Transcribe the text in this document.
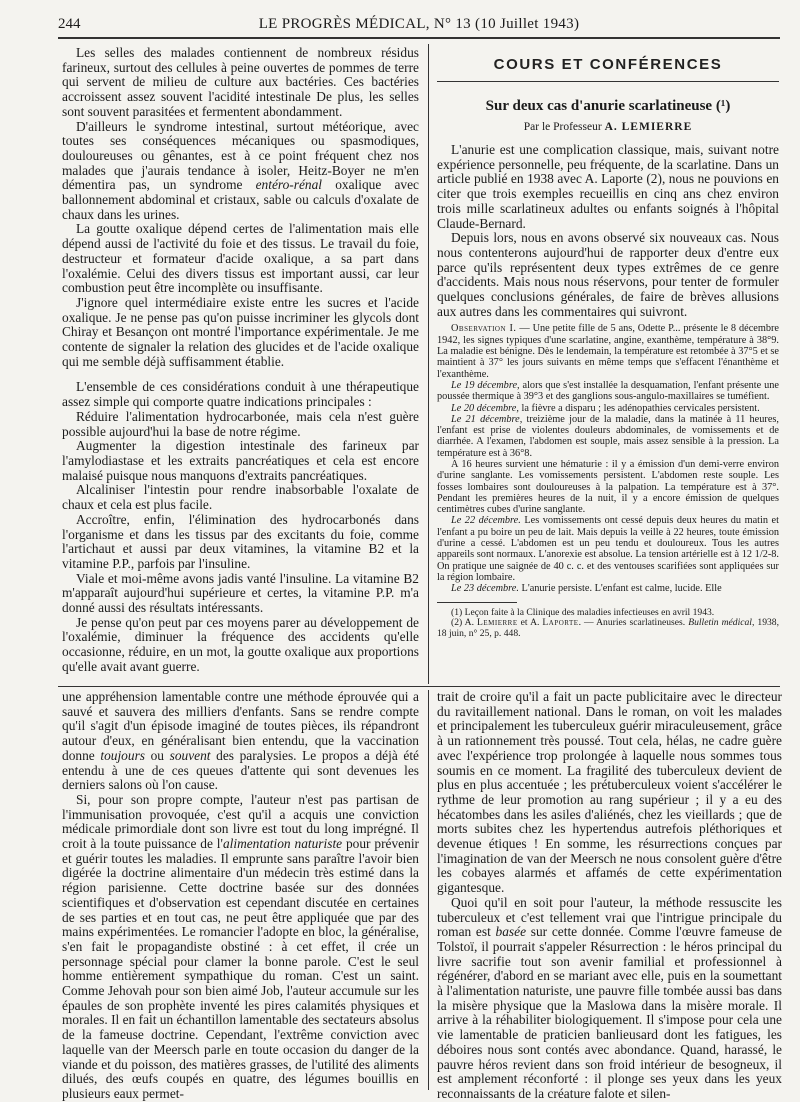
244	LE PROGRÈS MÉDICAL, N° 13 (10 Juillet 1943)

Les selles des malades contiennent de nombreux résidus farineux, surtout des cellules à peine ouvertes de pommes de terre qui servent de milieu de culture aux bactéries. Ces bactéries accroissent assez souvent l'acidité intestinale De plus, les selles sont souvent parasitées et fermentent abondamment.

D'ailleurs le syndrome intestinal, surtout météorique, avec toutes ses conséquences mécaniques ou spasmodiques, douloureuses ou gênantes, est à ce point fréquent chez nos malades que j'aurais tendance à isoler, Heitz-Boyer ne m'en démentira pas, un syndrome entéro-rénal oxalique avec ballonnement abdominal et cristaux, sable ou calculs d'oxalate de chaux dans les urines.

La goutte oxalique dépend certes de l'alimentation mais elle dépend aussi de l'activité du foie et des tissus. Le travail du foie, destructeur et formateur d'acide oxalique, a sa part dans l'oxalémie. Celui des divers tissus est important aussi, car leur combustion peut être incomplète ou insuffisante.

J'ignore quel intermédiaire existe entre les sucres et l'acide oxalique. Je ne pense pas qu'on puisse incriminer les glycols dont Chiray et Besançon ont montré l'importance expérimentale. Je me contente de signaler la relation des glucides et de l'acide oxalique qui me semble déjà suffisamment établie.

L'ensemble de ces considérations conduit à une thérapeutique assez simple qui comporte quatre indications principales :

Réduire l'alimentation hydrocarbonée, mais cela n'est guère possible aujourd'hui la base de notre régime.

Augmenter la digestion intestinale des farineux par l'amylodiastase et les extraits pancréatiques et cela est encore malaisé puisque nous manquons d'extraits pancréatiques.

Alcaliniser l'intestin pour rendre inabsorbable l'oxalate de chaux et cela est plus facile.

Accroître, enfin, l'élimination des hydrocarbonés dans l'organisme et dans les tissus par des excitants du foie, comme l'artichaut et aussi par deux vitamines, la vitamine B2 et la vitamine P.P., parfois par l'insuline.

Viale et moi-même avons jadis vanté l'insuline. La vitamine B2 m'apparaît aujourd'hui supérieure et certes, la vitamine P.P. m'a donné aussi des résultats intéressants.

Je pense qu'on peut par ces moyens parer au développement de l'oxalémie, diminuer la fréquence des accidents qu'elle occasionne, réduire, en un mot, la goutte oxalique aux proportions qu'elle avait avant guerre.

COURS ET CONFÉRENCES
Sur deux cas d'anurie scarlatineuse (¹)
Par le Professeur A. LEMIERRE

L'anurie est une complication classique, mais, suivant notre expérience personnelle, peu fréquente, de la scarlatine. Dans un article publié en 1938 avec A. Laporte (2), nous ne pouvions en citer que trois exemples recueillis en cinq ans chez environ trois mille scarlatineux adultes ou enfants soignés à l'hôpital Claude-Bernard.

Depuis lors, nous en avons observé six nouveaux cas. Nous nous contenterons aujourd'hui de rapporter deux d'entre eux parce qu'ils représentent deux types extrêmes de ce genre d'accidents. Mais nous nous réservons, pour tenter de formuler quelques conclusions générales, de faire de brèves allusions aux autres dans les commentaires qui suivront.

Observation I. — Une petite fille de 5 ans, Odette P... présente le 8 décembre 1942, les signes typiques d'une scarlatine, angine, exanthème, température à 38°9. La maladie est bénigne. Dès le lendemain, la température est retombée à 37°5 et se maintient à 37° les jours suivants en même temps que s'effacent l'énanthème et l'exanthème.

Le 19 décembre, alors que s'est installée la desquamation, l'enfant présente une poussée thermique à 39°3 et des ganglions sous-angulo-maxillaires se tuméfient.

Le 20 décembre, la fièvre a disparu ; les adénopathies cervicales persistent.

Le 21 décembre, treizième jour de la maladie, dans la matinée à 11 heures, l'enfant est prise de violentes douleurs abdominales, de vomissements et de diarrhée. A l'examen, l'abdomen est souple, mais assez sensible à la pression. La température est à 36°8.

A 16 heures survient une hématurie : il y a émission d'un demi-verre environ d'urine sanglante. Les vomissements persistent. L'abdomen reste souple. Les fosses lombaires sont douloureuses à la palpation. La température est à 37°. Pendant les premières heures de la nuit, il y a encore émission de quelques centimètres cubes d'urine sanglante.

Le 22 décembre. Les vomissements ont cessé depuis deux heures du matin et l'enfant a pu boire un peu de lait. Mais depuis la veille à 22 heures, toute émission d'urine a cessé. L'abdomen est un peu tendu et douloureux. Tous les autres appareils sont normaux. L'anorexie est absolue. La tension artérielle est à 12 1/2-8. On pratique une saignée de 40 c. c. et des ventouses scarifiées sont appliquées sur la région lombaire.

Le 23 décembre. L'anurie persiste. L'enfant est calme, lucide. Elle

(1) Leçon faite à la Clinique des maladies infectieuses en avril 1943.

(2) A. Lemierre et A. Laporte. — Anuries scarlatineuses. Bulletin médical, 1938, 18 juin, n° 25, p. 448.

une appréhension lamentable contre une méthode éprouvée qui a sauvé et sauvera des milliers d'enfants. Sans se rendre compte qu'il s'agit d'un épisode imaginé de toutes pièces, ils répandront autour d'eux, en généralisant bien entendu, que la vaccination donne toujours ou souvent des paralysies. Le propos a déjà été entendu à une de ces queues d'attente qui sont devenues les derniers salons où l'on cause.

Si, pour son propre compte, l'auteur n'est pas partisan de l'immunisation provoquée, c'est qu'il a acquis une conviction médicale primordiale dont son livre est tout du long imprégné. Il croit à la toute puissance de l'alimentation naturiste pour prévenir et guérir toutes les maladies. Il emprunte sans paraître l'avoir bien digérée la doctrine alimentaire d'un médecin très estimé dans la région parisienne. Cette doctrine basée sur des données scientifiques et d'observation est cependant discutée en certaines de ses parties et en tout cas, ne peut être appliquée que par des mains expérimentées. Le romancier l'adopte en bloc, la généralise, s'en fait le propagandiste obstiné : à cet effet, il crée un personnage spécial pour clamer la bonne parole. C'est le seul homme entièrement sympathique du roman. C'est un saint. Comme Jehovah pour son bien aimé Job, l'auteur accumule sur les épaules de son prophète inventé les pires calamités physiques et morales. Il en fait un échantillon lamentable des sectateurs absolus de la fameuse doctrine. Cependant, l'extrême conviction avec laquelle van der Meersch parle en toute occasion du danger de la viande et du poisson, des matières grasses, de l'utilité des aliments dilués, des œufs coupés en quatre, des légumes bouillis en plusieurs eaux permet-

trait de croire qu'il a fait un pacte publicitaire avec le directeur du ravitaillement national. Dans le roman, on voit les malades et principalement les tuberculeux guérir miraculeusement, grâce à un rationnement très poussé. Tout cela, hélas, ne cadre guère avec l'expérience trop prolongée à laquelle nous sommes tous soumis en ce moment. La fragilité des tuberculeux devient de plus en plus accentuée ; les prétuberculeux voient s'accélérer le rythme de leur promotion au rang supérieur ; il y a eu des hécatombes dans les asiles d'aliénés, chez les vieillards ; que de morts subites chez les hypertendus autrefois pléthoriques et devenue étiques ! En somme, les résurrections conçues par l'imagination de van der Meersch ne nous consolent guère d'être les cobayes alarmés et affamés de cette expérimentation gigantesque.

Quoi qu'il en soit pour l'auteur, la méthode ressuscite les tuberculeux et c'est tellement vrai que l'intrigue principale du roman est basée sur cette donnée. Comme l'œuvre fameuse de Tolstoï, il pourrait s'appeler Résurrection : le héros principal du livre sacrifie tout son avenir familial et professionnel à régénérer, d'abord en se mariant avec elle, puis en la soumettant à l'alimentation naturiste, une pauvre fille tombée aussi bas dans la misère physique que la Maslowa dans la misère morale. Il arrive à la réhabiliter biologiquement. Il s'impose pour cela une vie lamentable de praticien banlieusard dont les fatigues, les déboires nous sont contés avec abondance. Quand, harassé, le pauvre héros revient dans son froid intérieur de besogneux, il est amplement réconforté : il plonge ses yeux dans les yeux reconnaissants de la créature falote et silen-
